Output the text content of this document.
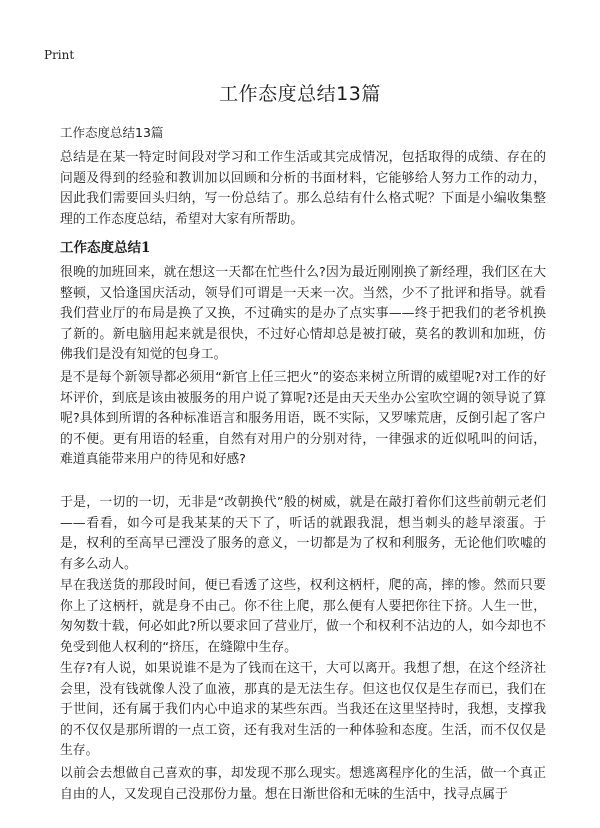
Print
工作态度总结13篇
工作态度总结13篇

总结是在某一特定时间段对学习和工作生活或其完成情况，包括取得的成绩、存在的问题及得到的经验和教训加以回顾和分析的书面材料，它能够给人努力工作的动力，因此我们需要回头归纳，写一份总结了。那么总结有什么格式呢？下面是小编收集整理的工作态度总结，希望对大家有所帮助。

工作态度总结1

很晚的加班回来，就在想这一天都在忙些什么?因为最近刚刚换了新经理，我们区在大整顿，又恰逢国庆活动，领导们可谓是一天来一次。当然，少不了批评和指导。就看我们营业厅的布局是换了又换，不过确实的是办了点实事——终于把我们的老爷机换了新的。新电脑用起来就是很快，不过好心情却总是被打破，莫名的教训和加班，仿佛我们是没有知觉的包身工。

是不是每个新领导都必须用“新官上任三把火”的姿态来树立所谓的威望呢?对工作的好坏评价，到底是该由被服务的用户说了算呢?还是由天天坐办公室吹空调的领导说了算呢?具体到所谓的各种标准语言和服务用语，既不实际，又罗嗦荒唐，反倒引起了客户的不便。更有用语的轻重，自然有对用户的分别对待，一律强求的近似吼叫的问话，难道真能带来用户的待见和好感?

于是，一切的一切，无非是“改朝换代”般的树威，就是在敲打着你们这些前朝元老们——看看，如今可是我某某的天下了，听话的就跟我混，想当刺头的趁早滚蛋。于是，权利的至高早已湮没了服务的意义，一切都是为了权和利服务，无论他们吹嘘的有多么动人。

早在我送货的那段时间，便已看透了这些，权利这柄杆，爬的高，摔的惨。然而只要你上了这柄杆，就是身不由己。你不往上爬，那么便有人要把你往下挤。人生一世，匆匆数十载，何必如此?所以要求回了营业厅，做一个和权利不沾边的人，如今却也不免受到他人权利的“挤压，在缝隙中生存。

生存?有人说，如果说谁不是为了钱而在这干，大可以离开。我想了想，在这个经济社会里，没有钱就像人没了血液，那真的是无法生存。但这也仅仅是生存而已，我们在于世间，还有属于我们内心中追求的某些东西。当我还在这里坚持时，我想，支撑我的不仅仅是那所谓的一点工资，还有我对生活的一种体验和态度。生活，而不仅仅是生存。

以前会去想做自己喜欢的事，却发现不那么现实。想逃离程序化的生活，做一个真正自由的人，又发现自己没那份力量。想在日渐世俗和无味的生活中，找寻点属于
